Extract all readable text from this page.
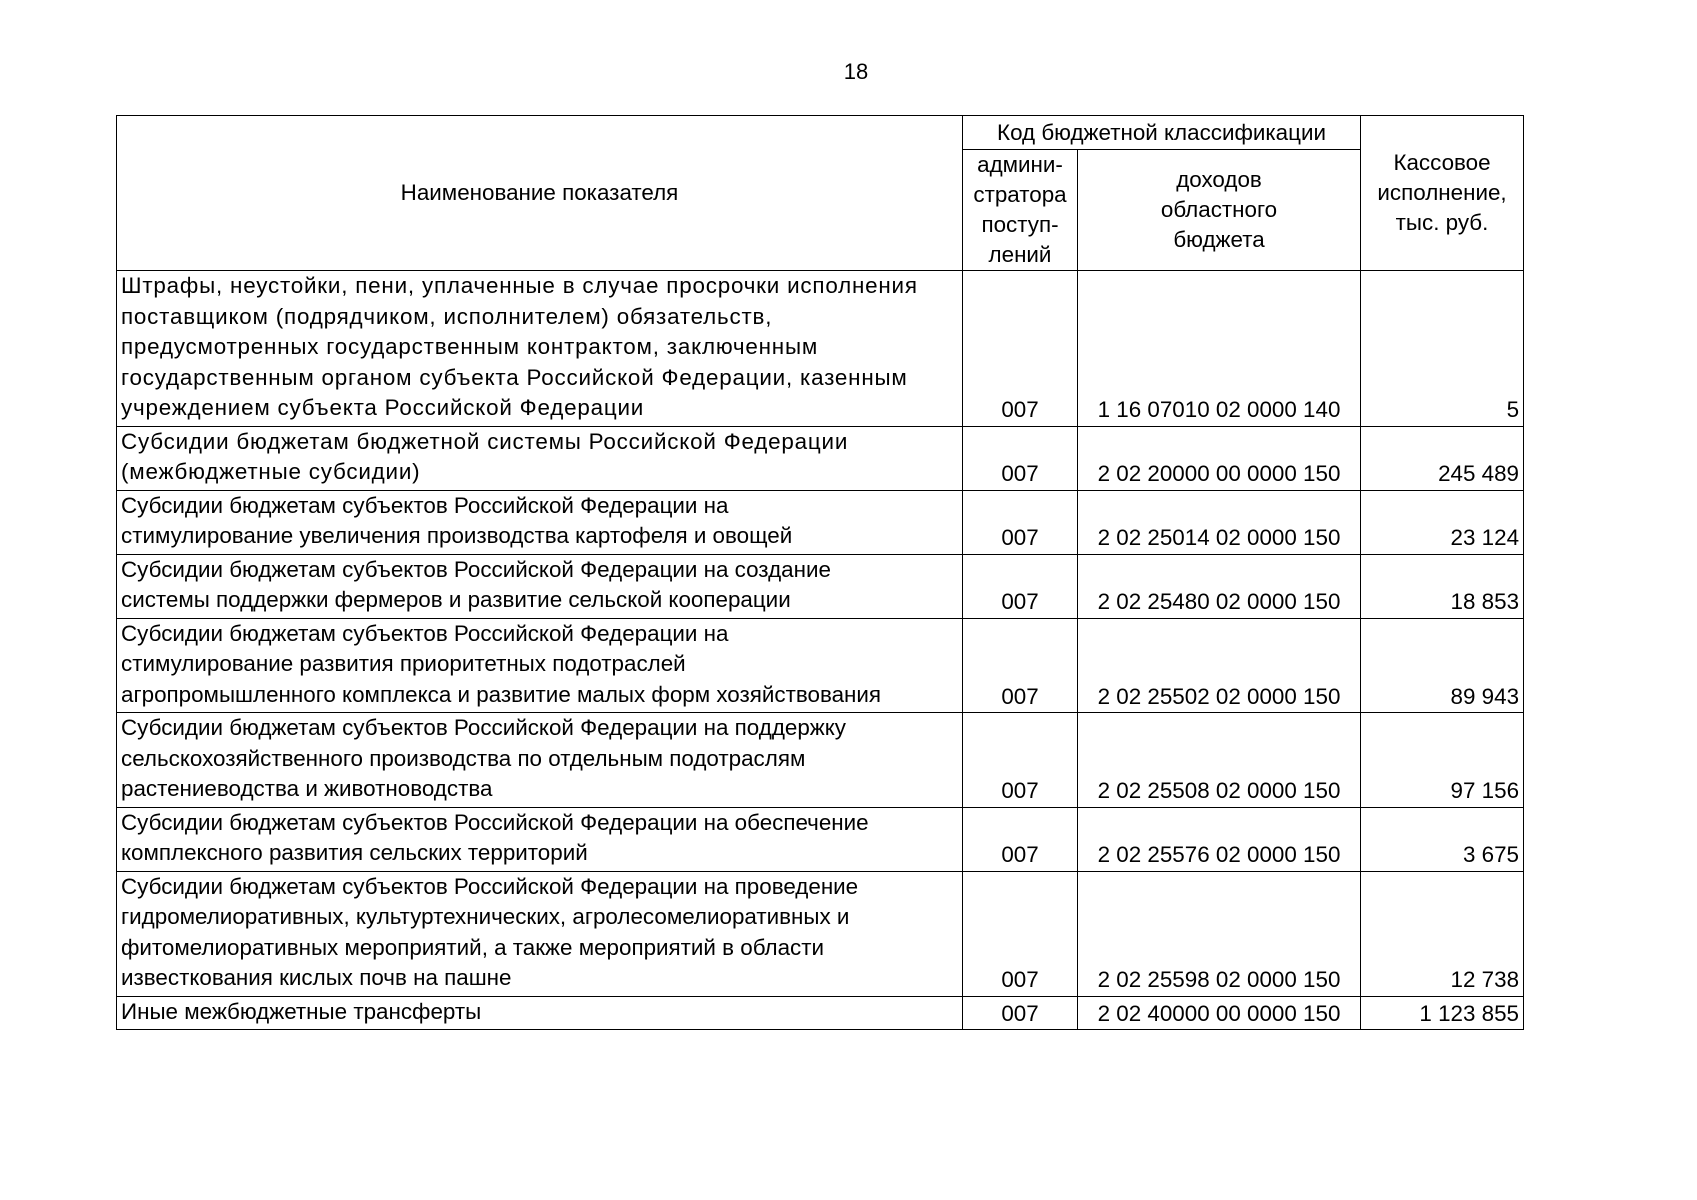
18
Наименование показателя	Код бюджетной классификации		Кассовое
исполнение,
тыс. руб.
	админи-
стратора
поступ-
лений	доходов
областного
бюджета	
Штрафы, неустойки, пени, уплаченные в случае просрочки исполнения
поставщиком (подрядчиком, исполнителем) обязательств,
предусмотренных государственным контрактом, заключенным
государственным органом субъекта Российской Федерации, казенным
учреждением субъекта Российской Федерации	007	1 16 07010 02 0000 140	5
Субсидии бюджетам бюджетной системы Российской Федерации
(межбюджетные субсидии)	007	2 02 20000 00 0000 150	245 489
Субсидии бюджетам субъектов Российской Федерации на
стимулирование увеличения производства картофеля и овощей	007	2 02 25014 02 0000 150	23 124
Субсидии бюджетам субъектов Российской Федерации на создание
системы поддержки фермеров и развитие сельской кооперации	007	2 02 25480 02 0000 150	18 853
Субсидии бюджетам субъектов Российской Федерации на
стимулирование развития приоритетных подотраслей
агропромышленного комплекса и развитие малых форм хозяйствования	007	2 02 25502 02 0000 150	89 943
Субсидии бюджетам субъектов Российской Федерации на поддержку
сельскохозяйственного производства по отдельным подотраслям
растениеводства и животноводства	007	2 02 25508 02 0000 150	97 156
Субсидии бюджетам субъектов Российской Федерации на обеспечение
комплексного развития сельских территорий	007	2 02 25576 02 0000 150	3 675
Субсидии бюджетам субъектов Российской Федерации на проведение
гидромелиоративных, культуртехнических, агролесомелиоративных и
фитомелиоративных мероприятий, а также мероприятий в области
известкования кислых почв на пашне	007	2 02 25598 02 0000 150	12 738
Иные межбюджетные трансферты	007	2 02 40000 00 0000 150	1 123 855
